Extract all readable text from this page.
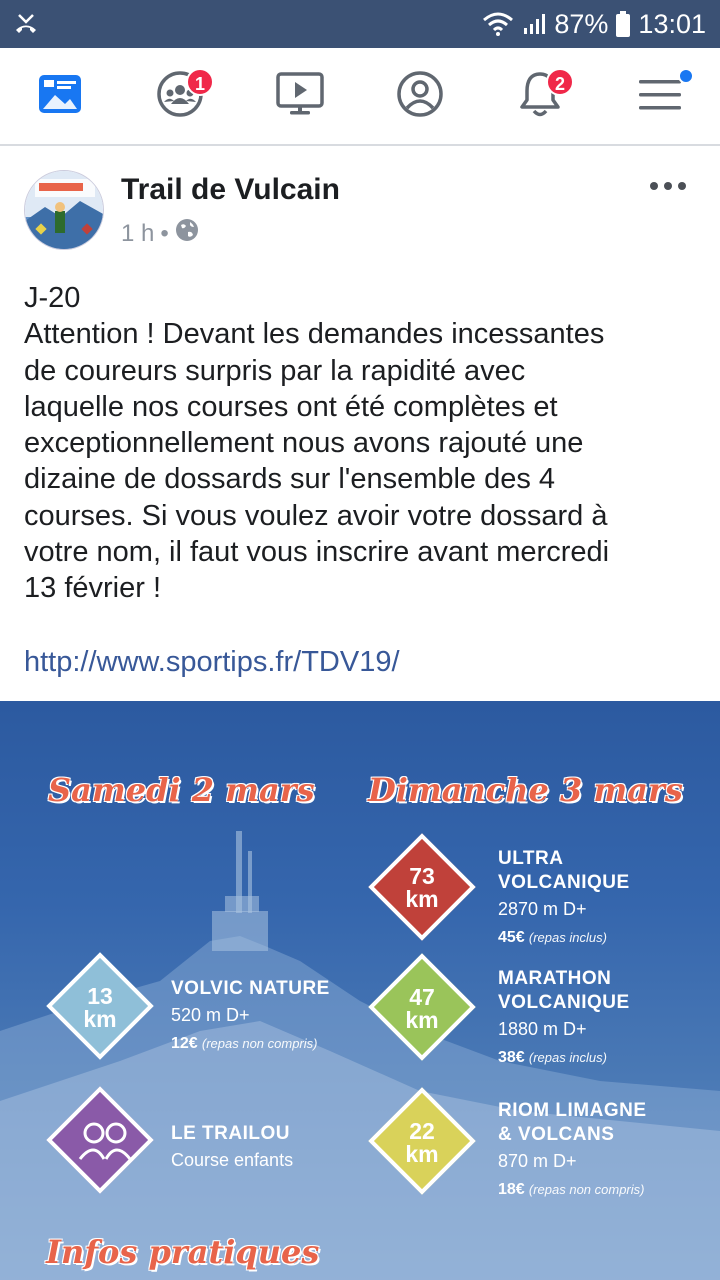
87% 13:01
1	2
Trail de Vulcain
1 h •

J-20

Attention ! Devant les demandes incessantes

de coureurs surpris par la rapidité avec

laquelle nos courses ont été complètes et

exceptionnellement nous avons rajouté une

dizaine de dossards sur l'ensemble des 4

courses. Si vous voulez avoir votre dossard à

votre nom, il faut vous inscrire avant mercredi

13 février !

http://www.sportips.fr/TDV19/
Samedi 2 mars Dimanche 3 mars
73
km
ULTRA
VOLCANIQUE
2870 m D+
45€ (repas inclus)
13
km
VOLVIC NATURE
520 m D+
12€ (repas non compris)
47
km
MARATHON
VOLCANIQUE
1880 m D+
38€ (repas inclus)
LE TRAILOU
Course enfants
22
km
RIOM LIMAGNE
& VOLCANS
870 m D+
18€ (repas non compris)
Infos pratiques
